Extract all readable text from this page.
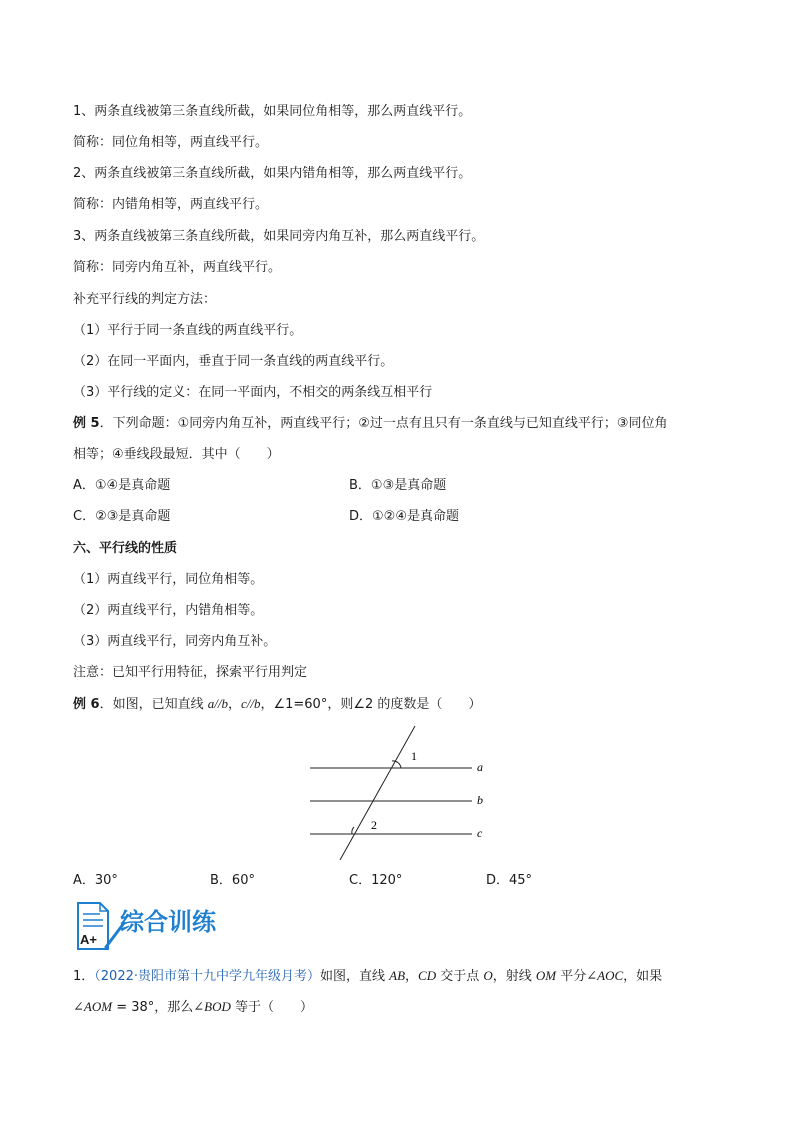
1、两条直线被第三条直线所截，如果同位角相等，那么两直线平行。
简称：同位角相等，两直线平行。
2、两条直线被第三条直线所截，如果内错角相等，那么两直线平行。
简称：内错角相等，两直线平行。
3、两条直线被第三条直线所截，如果同旁内角互补，那么两直线平行。
简称：同旁内角互补，两直线平行。
补充平行线的判定方法：
（1）平行于同一条直线的两直线平行。
（2）在同一平面内，垂直于同一条直线的两直线平行。
（3）平行线的定义：在同一平面内，不相交的两条线互相平行
例 5．下列命题：①同旁内角互补，两直线平行；②过一点有且只有一条直线与已知直线平行；③同位角
相等；④垂线段最短．其中（　　）
A．①④是真命题	B．①③是真命题
C．②③是真命题	D．①②④是真命题
六、平行线的性质
（1）两直线平行，同位角相等。
（2）两直线平行，内错角相等。
（3）两直线平行，同旁内角互补。
注意：已知平行用特征，探索平行用判定
例 6．如图，已知直线 a//b，c//b，∠1=60°，则∠2 的度数是（　　）
1
2
a
b
c
A．30°	B．60°	C．120°	D．45°
A+
综合训练
1．（2022·贵阳市第十九中学九年级月考）如图，直线 AB，CD 交于点 O，射线 OM 平分∠AOC，如果
∠AOM = 38°，那么∠BOD 等于（　　）
